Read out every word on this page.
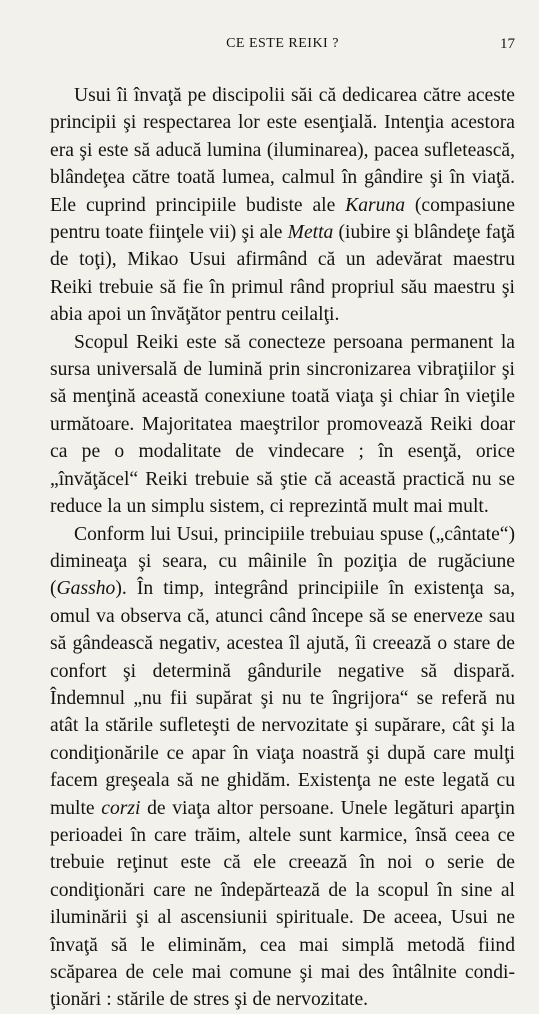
CE ESTE REIKI ?	17

Usui îi învaţă pe discipolii săi că dedicarea către aceste principii şi respectarea lor este esenţială. Intenţia acestora era şi este să aducă lumina (iluminarea), pacea sufletească, blândeţea către toată lumea, calmul în gândire şi în viaţă. Ele cuprind principiile budiste ale Karuna (compasiune pentru toate fiinţele vii) şi ale Metta (iubire şi blândeţe faţă de toţi), Mikao Usui afirmând că un adevărat maestru Reiki trebuie să fie în primul rând propriul său maestru şi abia apoi un învăţător pentru ceilalţi.

Scopul Reiki este să conecteze persoana permanent la sursa universală de lumină prin sincronizarea vibraţiilor şi să menţină această conexiune toată viaţa şi chiar în vieţile următoare. Majoritatea maeştrilor promovează Reiki doar ca pe o modalitate de vindecare ; în esenţă, orice „învăţăcel“ Reiki trebuie să ştie că această practică nu se reduce la un simplu sistem, ci reprezintă mult mai mult.

Conform lui Usui, principiile trebuiau spuse („cântate“) dimineaţa şi seara, cu mâinile în poziţia de rugăciune (Gassho). În timp, integrând principiile în existenţa sa, omul va observa că, atunci când începe să se enerveze sau să gândească negativ, acestea îl ajută, îi creează o stare de confort şi determină gândurile negative să dispară. Îndemnul „nu fii supărat şi nu te îngrijora“ se referă nu atât la stările sufleteşti de nervozitate şi supărare, cât şi la condiţionările ce apar în viaţa noastră şi după care mulţi facem greşeala să ne ghidăm. Existenţa ne este legată cu multe corzi de viaţa altor persoane. Unele legături aparţin perioadei în care trăim, altele sunt karmice, însă ceea ce trebuie reţinut este că ele creează în noi o serie de condiţionări care ne îndepărtează de la scopul în sine al iluminării şi al ascensiunii spirituale. De aceea, Usui ne învaţă să le eliminăm, cea mai simplă metodă fiind scăparea de cele mai comune şi mai des întâlnite condi-ţionări : stările de stres şi de nervozitate.
